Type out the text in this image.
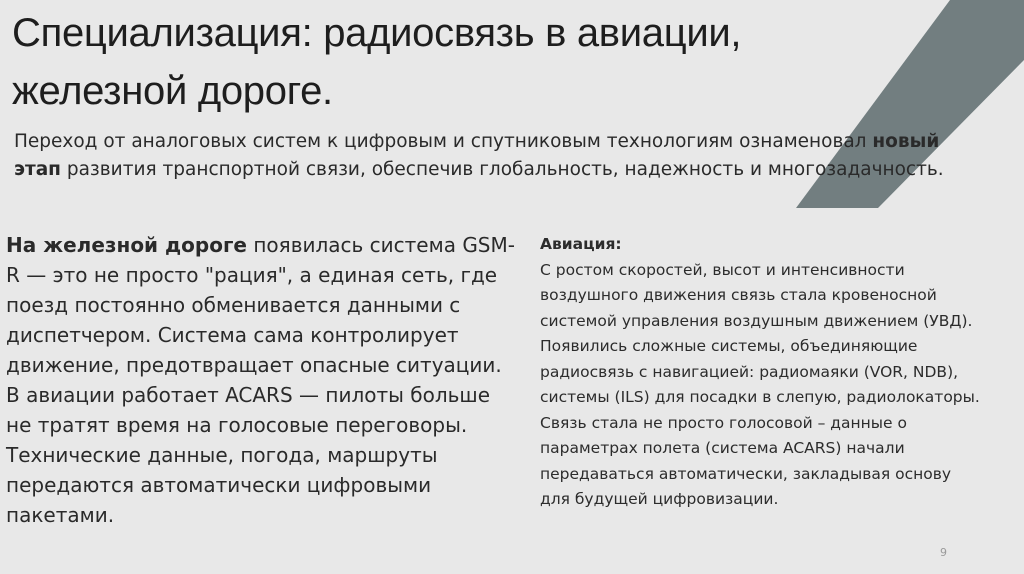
Специализация: радиосвязь в авиации, железной дороге.

Переход от аналоговых систем к цифровым и спутниковым технологиям ознаменовал новый этап развития транспортной связи, обеспечив глобальность, надежность и многозадачность.

На железной дороге появилась система GSM-R — это не просто "рация", а единая сеть, где поезд постоянно обменивается данными с диспетчером. Система сама контролирует движение, предотвращает опасные ситуации. В авиации работает ACARS — пилоты больше не тратят время на голосовые переговоры. Технические данные, погода, маршруты передаются автоматически цифровыми пакетами.

Авиация:

С ростом скоростей, высот и интенсивности воздушного движения связь стала кровеносной системой управления воздушным движением (УВД).

Появились сложные системы, объединяющие радиосвязь с навигацией: радиомаяки (VOR, NDB), системы (ILS) для посадки в слепую, радиолокаторы.

Связь стала не просто голосовой – данные о параметрах полета (система ACARS) начали передаваться автоматически, закладывая основу для будущей цифровизации.

9
